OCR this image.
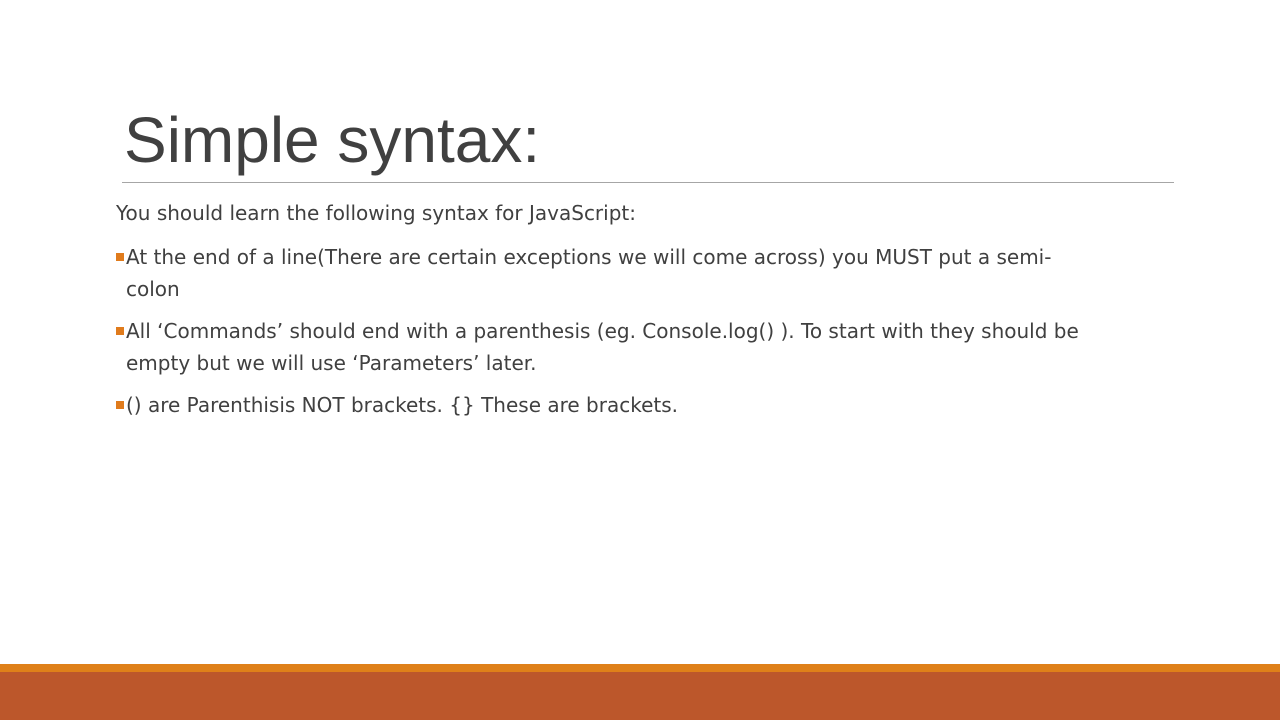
Simple syntax:

You should learn the following syntax for JavaScript:

At the end of a line(There are certain exceptions we will come across) you MUST put a semi-
colon
All ‘Commands’ should end with a parenthesis (eg. Console.log() ). To start with they should be
empty but we will use ‘Parameters’ later.
() are Parenthisis NOT brackets. {} These are brackets.
